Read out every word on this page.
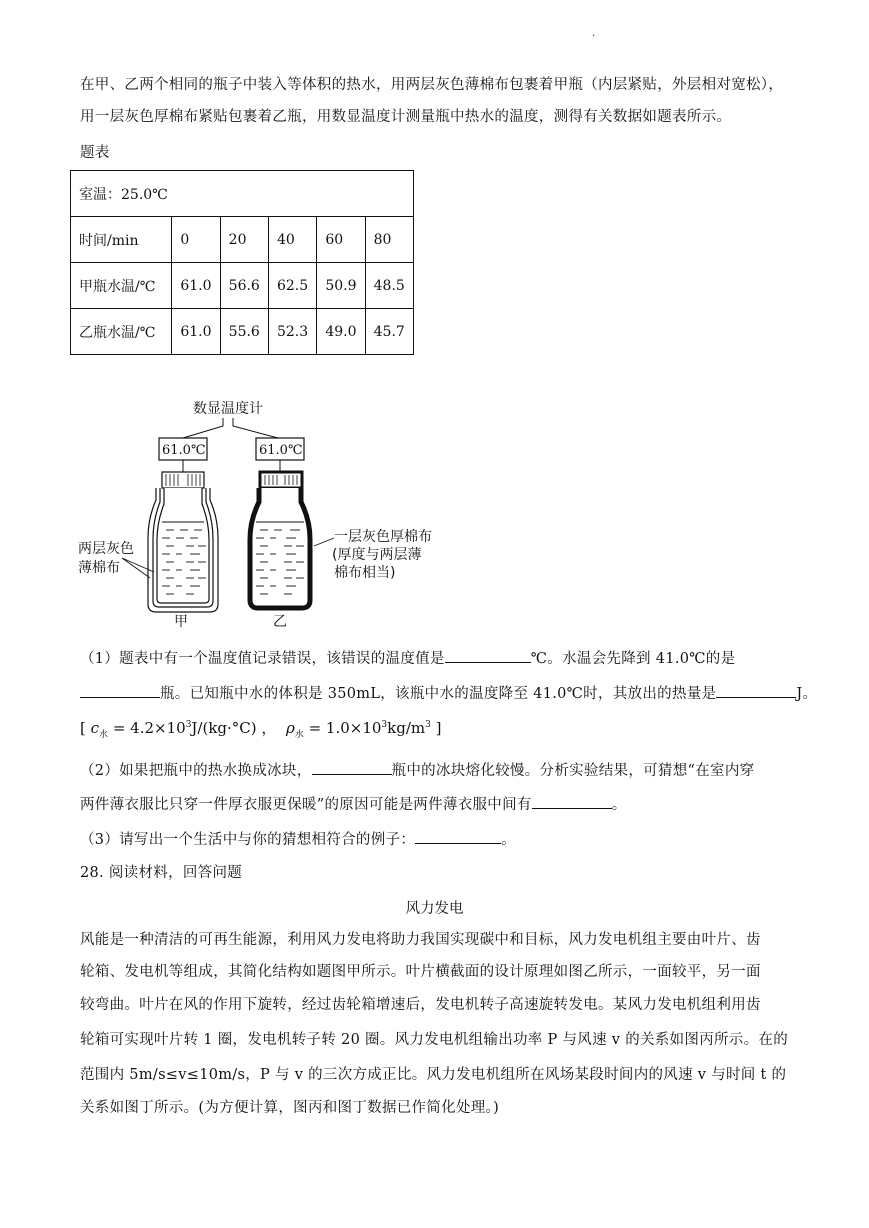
.
在甲、乙两个相同的瓶子中装入等体积的热水，用两层灰色薄棉布包裹着甲瓶（内层紧贴，外层相对宽松），
用一层灰色厚棉布紧贴包裹着乙瓶，用数显温度计测量瓶中热水的温度，测得有关数据如题表所示。
题表
室温：25.0℃					
时间/min	0	20	40	60	80
甲瓶水温/℃	61.0	56.6	62.5	50.9	48.5
乙瓶水温/℃	61.0	55.6	52.3	49.0	45.7
数显温度计
61.0℃	61.0℃
两层灰色
薄棉布
一层灰色厚棉布
(厚度与两层薄
棉布相当)
甲	乙
（1）题表中有一个温度值记录错误，该错误的温度值是	℃。水温会先降到 41.0℃的是
瓶。已知瓶中水的体积是 350mL，该瓶中水的温度降至 41.0℃时，其放出的热量是	J。
[ $c_水 = 4.2\times 10^3J/(kg\cdot^\circ C)$ ， $\rho_水 = 1.0\times 10^3kg/m^3$ ]
（2）如果把瓶中的热水换成冰块，	瓶中的冰块熔化较慢。分析实验结果，可猜想“在室内穿
两件薄衣服比只穿一件厚衣服更保暖”的原因可能是两件薄衣服中间有	。
（3）请写出一个生活中与你的猜想相符合的例子：	。
28. 阅读材料，回答问题
风力发电
风能是一种清洁的可再生能源，利用风力发电将助力我国实现碳中和目标，风力发电机组主要由叶片、齿
轮箱、发电机等组成，其简化结构如题图甲所示。叶片横截面的设计原理如图乙所示，一面较平，另一面
较弯曲。叶片在风的作用下旋转，经过齿轮箱增速后，发电机转子高速旋转发电。某风力发电机组利用齿
轮箱可实现叶片转 1 圈，发电机转子转 20 圈。风力发电机组输出功率 P 与风速 v 的关系如图丙所示。在的
范围内 5m/s≤v≤10m/s，P 与 v 的三次方成正比。风力发电机组所在风场某段时间内的风速 v 与时间 t 的
关系如图丁所示。(为方便计算，图丙和图丁数据已作简化处理。)
